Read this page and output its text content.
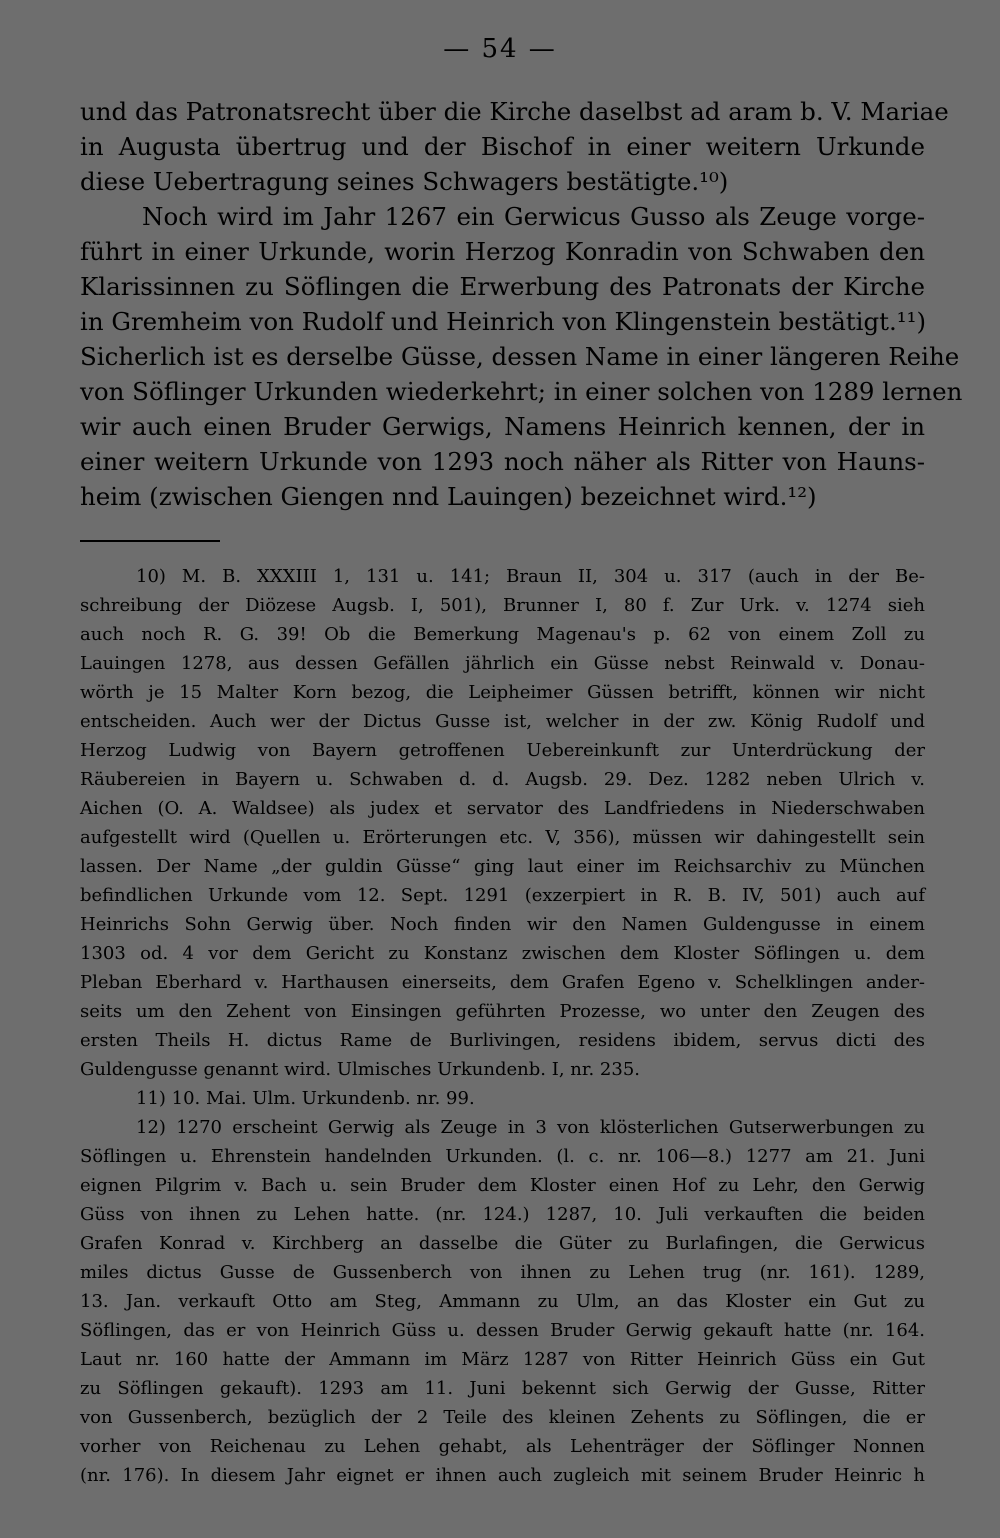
— 54 —
und das Patronatsrecht über die Kirche daselbst ad aram b. V. Mariae
in Augusta übertrug und der Bischof in einer weitern Urkunde
diese Uebertragung seines Schwagers bestätigte.¹⁰)
Noch wird im Jahr 1267 ein Gerwicus Gusso als Zeuge vorge-
führt in einer Urkunde, worin Herzog Konradin von Schwaben den
Klarissinnen zu Söflingen die Erwerbung des Patronats der Kirche
in Gremheim von Rudolf und Heinrich von Klingenstein bestätigt.¹¹)
Sicherlich ist es derselbe Güsse, dessen Name in einer längeren Reihe
von Söflinger Urkunden wiederkehrt; in einer solchen von 1289 lernen
wir auch einen Bruder Gerwigs, Namens Heinrich kennen, der in
einer weitern Urkunde von 1293 noch näher als Ritter von Hauns-
heim (zwischen Giengen nnd Lauingen) bezeichnet wird.¹²)
10) M. B. XXXIII 1, 131 u. 141; Braun II, 304 u. 317 (auch in der Be-
schreibung der Diözese Augsb. I, 501), Brunner I, 80 f. Zur Urk. v. 1274 sieh
auch noch R. G. 39! Ob die Bemerkung Magenau's p. 62 von einem Zoll zu
Lauingen 1278, aus dessen Gefällen jährlich ein Güsse nebst Reinwald v. Donau-
wörth je 15 Malter Korn bezog, die Leipheimer Güssen betrifft, können wir nicht
entscheiden. Auch wer der Dictus Gusse ist, welcher in der zw. König Rudolf und
Herzog Ludwig von Bayern getroffenen Uebereinkunft zur Unterdrückung der
Räubereien in Bayern u. Schwaben d. d. Augsb. 29. Dez. 1282 neben Ulrich v.
Aichen (O. A. Waldsee) als judex et servator des Landfriedens in Niederschwaben
aufgestellt wird (Quellen u. Erörterungen etc. V, 356), müssen wir dahingestellt sein
lassen. Der Name „der guldin Güsse“ ging laut einer im Reichsarchiv zu München
befindlichen Urkunde vom 12. Sept. 1291 (exzerpiert in R. B. IV, 501) auch auf
Heinrichs Sohn Gerwig über. Noch finden wir den Namen Guldengusse in einem
1303 od. 4 vor dem Gericht zu Konstanz zwischen dem Kloster Söflingen u. dem
Pleban Eberhard v. Harthausen einerseits, dem Grafen Egeno v. Schelklingen ander-
seits um den Zehent von Einsingen geführten Prozesse, wo unter den Zeugen des
ersten Theils H. dictus Rame de Burlivingen, residens ibidem, servus dicti des
Guldengusse genannt wird. Ulmisches Urkundenb. I, nr. 235.
11) 10. Mai. Ulm. Urkundenb. nr. 99.
12) 1270 erscheint Gerwig als Zeuge in 3 von klösterlichen Gutserwerbungen zu
Söflingen u. Ehrenstein handelnden Urkunden. (l. c. nr. 106—8.) 1277 am 21. Juni
eignen Pilgrim v. Bach u. sein Bruder dem Kloster einen Hof zu Lehr, den Gerwig
Güss von ihnen zu Lehen hatte. (nr. 124.) 1287, 10. Juli verkauften die beiden
Grafen Konrad v. Kirchberg an dasselbe die Güter zu Burlafingen, die Gerwicus
miles dictus Gusse de Gussenberch von ihnen zu Lehen trug (nr. 161). 1289,
13. Jan. verkauft Otto am Steg, Ammann zu Ulm, an das Kloster ein Gut zu
Söflingen, das er von Heinrich Güss u. dessen Bruder Gerwig gekauft hatte (nr. 164.
Laut nr. 160 hatte der Ammann im März 1287 von Ritter Heinrich Güss ein Gut
zu Söflingen gekauft). 1293 am 11. Juni bekennt sich Gerwig der Gusse, Ritter
von Gussenberch, bezüglich der 2 Teile des kleinen Zehents zu Söflingen, die er
vorher von Reichenau zu Lehen gehabt, als Lehenträger der Söflinger Nonnen
(nr. 176). In diesem Jahr eignet er ihnen auch zugleich mit seinem Bruder Heinric h
